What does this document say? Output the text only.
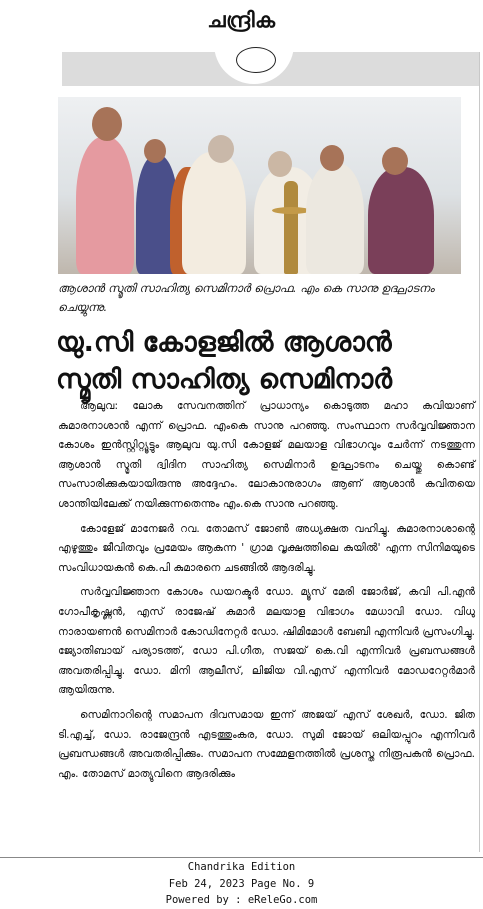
ചന്ദ്രിക
ആശാൻ സ്മൃതി സാഹിത്യ സെമിനാർ പ്രൊഫ. എം കെ സാനു ഉദ്ഘാടനം ചെയ്യുന്നു.
യു.സി കോളജിൽ ആശാൻ
സ്മൃതി സാഹിത്യ സെമിനാർ

ആലുവ: ലോക സേവനത്തിന് പ്രാധാന്യം കൊടുത്ത മഹാ കവിയാണ് കുമാരനാശാൻ എന്ന് പ്രൊഫ. എംകെ സാനു പറഞ്ഞു. സംസ്ഥാന സർവ്വവിജ്ഞാന കോശം ഇൻസ്റ്റിറ്റ്യൂട്ടും ആലുവ യു.സി കോളജ് മലയാള വിഭാഗവും ചേർന്ന് നടത്തുന്ന ആശാൻ സ്മൃതി ദ്വിദിന സാഹിത്യ സെമിനാർ ഉദ്ഘാടനം ചെയ്തു കൊണ്ട് സംസാരിക്കുകയായിരുന്നു അദ്ദേഹം. ലോകാനുരാഗം ആണ് ആശാൻ കവിതയെ ശാന്തിയിലേക്ക് നയിക്കുന്നതെന്നും എം.കെ സാനു പറഞ്ഞു.

കോളേജ് മാനേജർ റവ. തോമസ് ജോൺ അധ്യക്ഷത വഹിച്ചു. കുമാരനാശാന്റെ എഴുത്തും ജീവിതവും പ്രമേയം ആകുന്ന ' ഗ്രാമ വൃക്ഷത്തിലെ കുയിൽ' എന്ന സിനിമയുടെ സംവിധായകൻ കെ.പി കുമാരനെ ചടങ്ങിൽ ആദരിച്ചു.

സർവ്വവിജ്ഞാന കോശം ഡയറക്ടർ ഡോ. മ്യൂസ് മേരി ജോർജ്, കവി പി.എൻ ഗോപീകൃഷ്ണൻ, എസ് രാജേഷ് കുമാർ മലയാള വിഭാഗം മേധാവി ഡോ. വിധു നാരായണൻ സെമിനാർ കോഡിനേറ്റർ ഡോ. ഷിമിമോൾ ബേബി എന്നിവർ പ്രസംഗിച്ചു. ജ്യോതിബായ് പര്യാടത്ത്, ഡോ പി.ഗീത, സജയ് കെ.വി എന്നിവർ പ്രബന്ധങ്ങൾ അവതരിപ്പിച്ചു. ഡോ. മിനി ആലീസ്, ലിജിയ വി.എസ് എന്നിവർ മോഡറേറ്റർമാർ ആയിരുന്നു.

സെമിനാറിന്റെ സമാപന ദിവസമായ ഇന്ന് അജയ് എസ് ശേഖർ, ഡോ. ജിത ടി.എച്ച്, ഡോ. രാജേന്ദ്രൻ എടത്തുംകര, ഡോ. സുമി ജോയ് ഒലിയപ്പുറം എന്നിവർ പ്രബന്ധങ്ങൾ അവതരിപ്പിക്കും. സമാപന സമ്മേളനത്തിൽ പ്രശസ്ത നിരൂപകൻ പ്രൊഫ. എം. തോമസ് മാത്യുവിനെ ആദരിക്കും

Chandrika Edition
Feb 24, 2023 Page No. 9
Powered by : eReleGo.com
